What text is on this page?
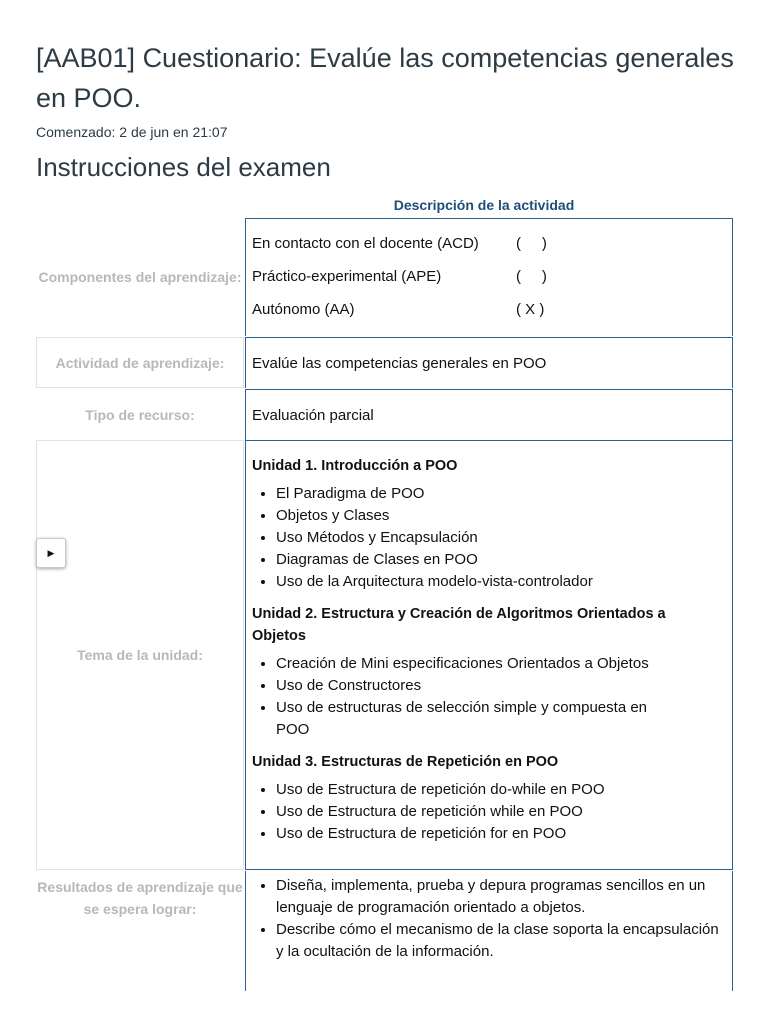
[AAB01] Cuestionario: Evalúe las competencias generales en POO.
Comenzado: 2 de jun en 21:07
Instrucciones del examen
Descripción de la actividad
Componentes del aprendizaje:
En contacto con el docente (ACD) (     )
Práctico-experimental (APE)	(     )
Autónomo (AA)	( X )
Actividad de aprendizaje:	Evalúe las competencias generales en POO
Tipo de recurso:	Evaluación parcial
Tema de la unidad:

Unidad 1. Introducción a POO

• El Paradigma de POO
• Objetos y Clases
• Uso Métodos y Encapsulación
• Diagramas de Clases en POO
• Uso de la Arquitectura modelo-vista-controlador

Unidad 2. Estructura y Creación de Algoritmos Orientados a Objetos

• Creación de Mini especificaciones Orientados a Objetos
• Uso de Constructores
• Uso de estructuras de selección simple y compuesta en POO

Unidad 3. Estructuras de Repetición en POO

• Uso de Estructura de repetición do-while en POO
• Uso de Estructura de repetición while en POO
• Uso de Estructura de repetición for en POO
Resultados de aprendizaje que se espera lograr:
• Diseña, implementa, prueba y depura programas sencillos en un lenguaje de programación orientado a objetos.
• Describe cómo el mecanismo de la clase soporta la encapsulación y la ocultación de la información.
▶
